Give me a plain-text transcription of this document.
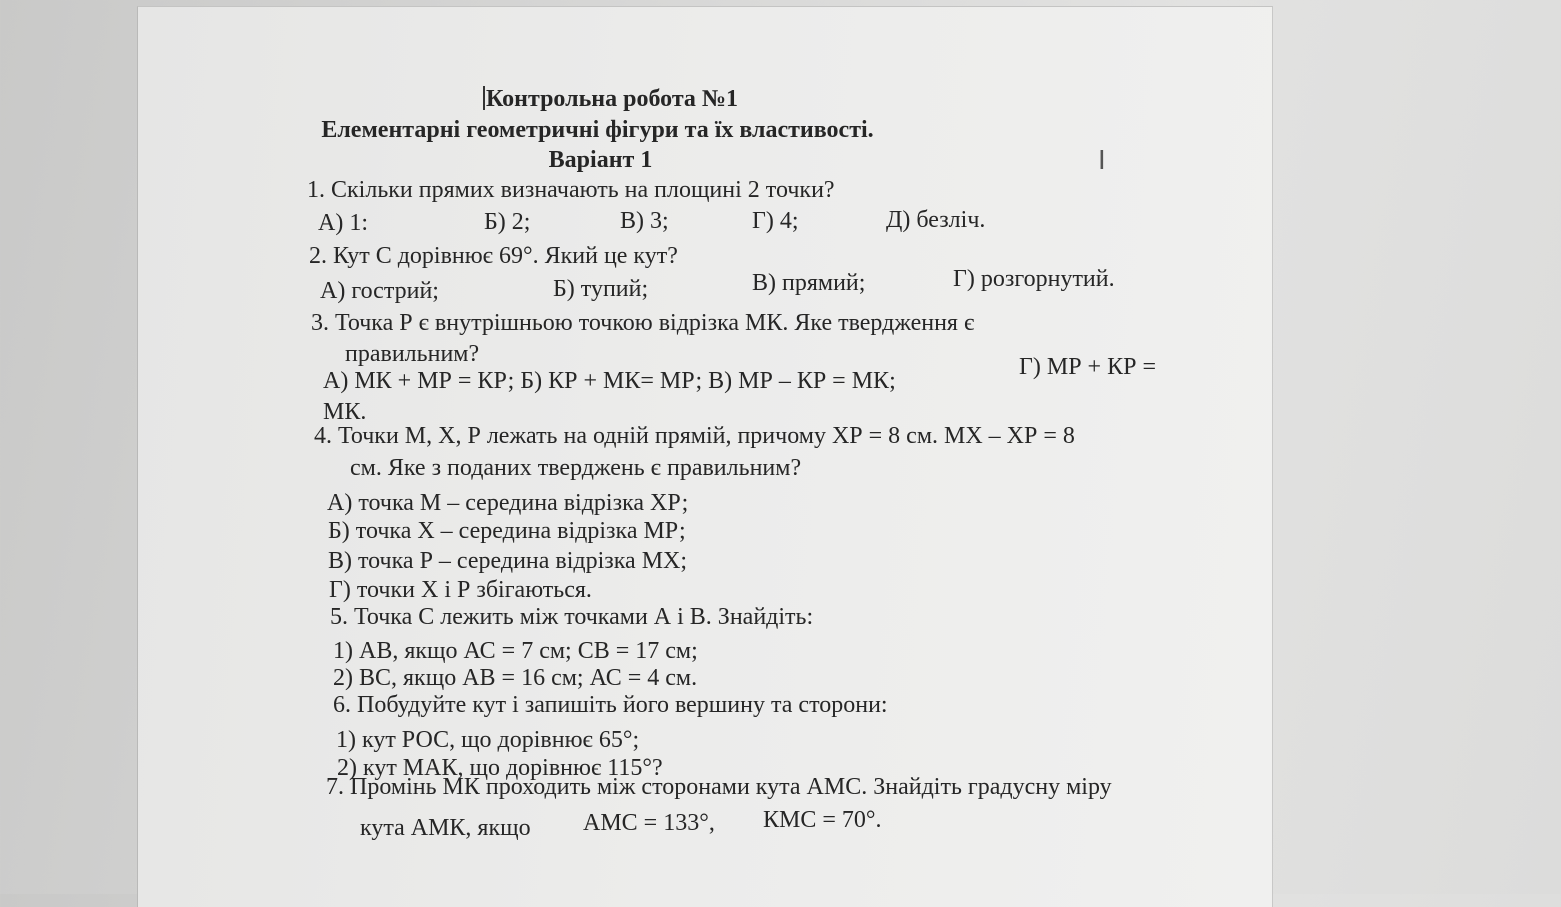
I
Контрольна робота №1
Елементарні геометричні фігури та їх властивості.
Варіант 1
1. Скільки прямих визначають на площині 2 точки?
А) 1:	Б) 2;	В) 3;	Г) 4;	Д) безліч.
2. Кут С дорівнює 69°. Який це кут?
А) гострий;	Б) тупий;	В) прямий;	Г) розгорнутий.
3. Точка Р є внутрішньою точкою відрізка МК. Яке твердження є
правильним?
А) МК + МР = КР; Б) КР + МК= МР; В) МР – КР = МК;
Г) МР + КР =
МК.
4. Точки М, Х, Р лежать на одній прямій, причому ХР = 8 см. МХ – ХР = 8
см. Яке з поданих тверджень є правильним?
А) точка М – середина відрізка ХР;
Б) точка Х – середина відрізка МР;
В) точка Р – середина відрізка МХ;
Г) точки Х і Р збігаються.
5. Точка С лежить між точками А і В. Знайдіть:
1) АВ, якщо АС = 7 см; СВ = 17 см;
2) ВС, якщо АВ = 16 см; АС = 4 см.
6. Побудуйте кут і запишіть його вершину та сторони:
1) кут РОС, що дорівнює 65°;
2) кут МАК, що дорівнює 115°?
7. Промінь МК проходить між сторонами кута АМС. Знайдіть градусну міру
кута АМК, якщо АМС = 133°, КМС = 70°.
